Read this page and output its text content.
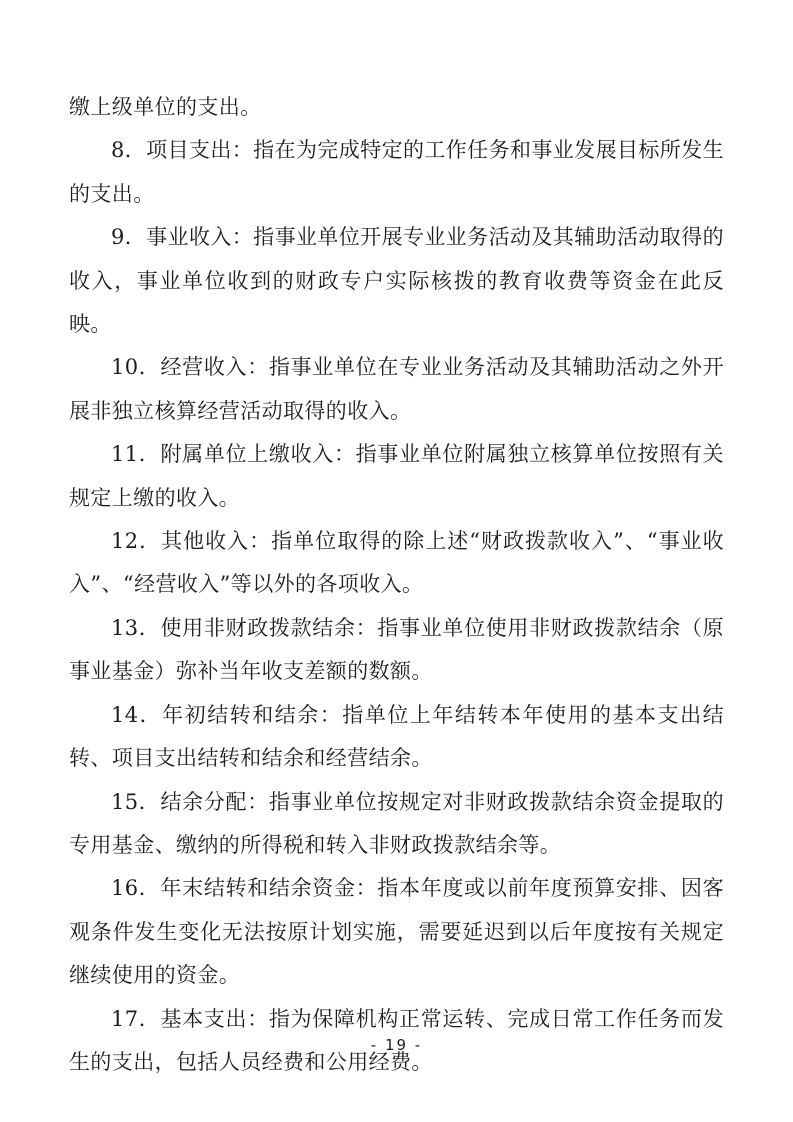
缴上级单位的支出。

8．项目支出：指在为完成特定的工作任务和事业发展目标所发生的支出。

9．事业收入：指事业单位开展专业业务活动及其辅助活动取得的收入，事业单位收到的财政专户实际核拨的教育收费等资金在此反映。

10．经营收入：指事业单位在专业业务活动及其辅助活动之外开展非独立核算经营活动取得的收入。

11．附属单位上缴收入：指事业单位附属独立核算单位按照有关规定上缴的收入。

12．其他收入：指单位取得的除上述“财政拨款收入”、“事业收入”、“经营收入”等以外的各项收入。

13．使用非财政拨款结余：指事业单位使用非财政拨款结余（原事业基金）弥补当年收支差额的数额。

14．年初结转和结余：指单位上年结转本年使用的基本支出结转、项目支出结转和结余和经营结余。

15．结余分配：指事业单位按规定对非财政拨款结余资金提取的专用基金、缴纳的所得税和转入非财政拨款结余等。

16．年末结转和结余资金：指本年度或以前年度预算安排、因客观条件发生变化无法按原计划实施，需要延迟到以后年度按有关规定继续使用的资金。

17．基本支出：指为保障机构正常运转、完成日常工作任务而发生的支出，包括人员经费和公用经费。

- 19 -
